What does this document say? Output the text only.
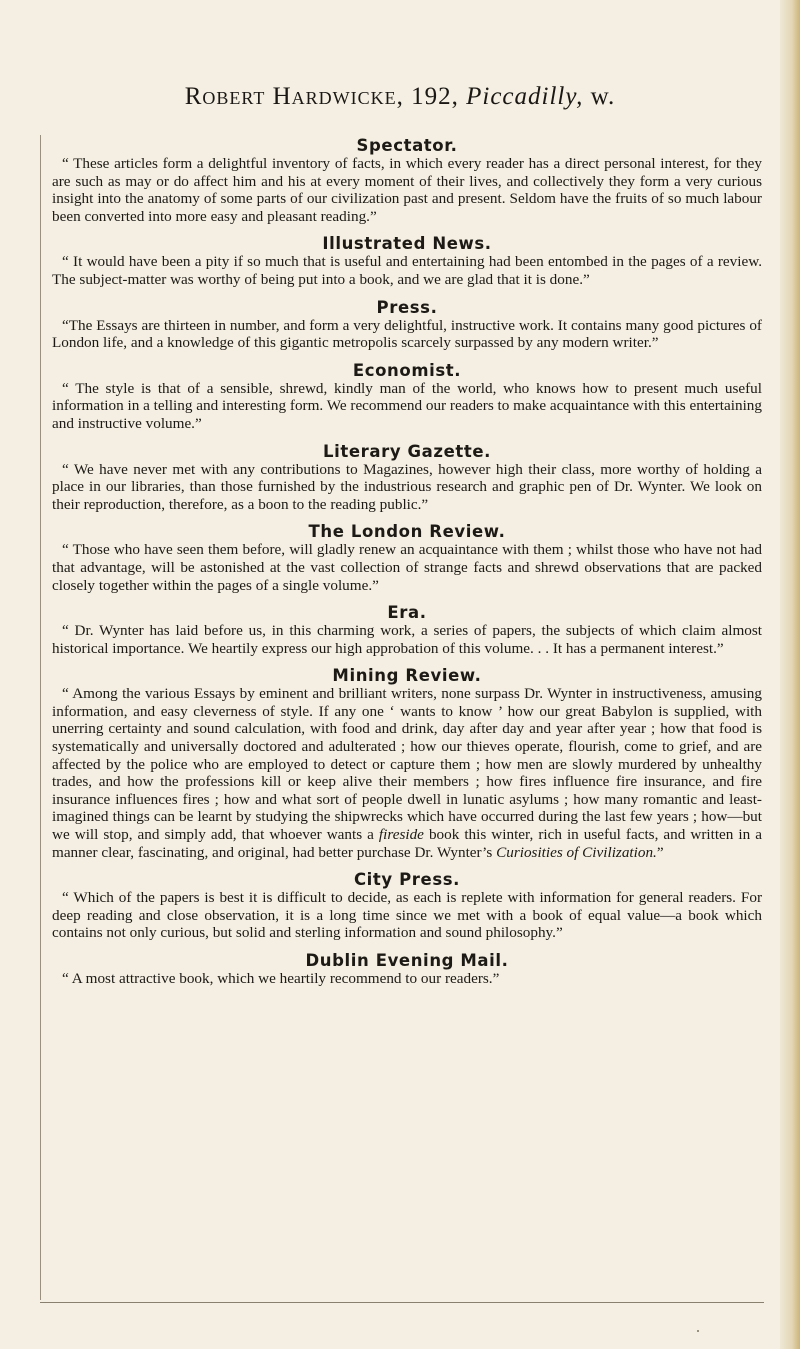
Robert Hardwicke, 192, Piccadilly, w.
Spectator.

“ These articles form a delightful inventory of facts, in which every reader has a direct personal interest, for they are such as may or do affect him and his at every moment of their lives, and collectively they form a very curious insight into the anatomy of some parts of our civilization past and present. Seldom have the fruits of so much labour been converted into more easy and pleasant reading.”

Illustrated News.

“ It would have been a pity if so much that is useful and entertaining had been entombed in the pages of a review. The subject-matter was worthy of being put into a book, and we are glad that it is done.”

Press.

“The Essays are thirteen in number, and form a very delightful, instructive work. It contains many good pictures of London life, and a knowledge of this gigantic metropolis scarcely surpassed by any modern writer.”

Economist.

“ The style is that of a sensible, shrewd, kindly man of the world, who knows how to present much useful information in a telling and interesting form. We recommend our readers to make acquaintance with this entertaining and instructive volume.”

Literary Gazette.

“ We have never met with any contributions to Magazines, however high their class, more worthy of holding a place in our libraries, than those furnished by the industrious research and graphic pen of Dr. Wynter. We look on their reproduction, therefore, as a boon to the reading public.”

The London Review.

“ Those who have seen them before, will gladly renew an acquaintance with them ; whilst those who have not had that advantage, will be astonished at the vast collection of strange facts and shrewd observations that are packed closely together within the pages of a single volume.”

Era.

“ Dr. Wynter has laid before us, in this charming work, a series of papers, the subjects of which claim almost historical importance. We heartily express our high approbation of this volume. . . It has a permanent interest.”

Mining Review.

“ Among the various Essays by eminent and brilliant writers, none surpass Dr. Wynter in instructiveness, amusing information, and easy cleverness of style. If any one ‘ wants to know ’ how our great Babylon is supplied, with unerring certainty and sound calculation, with food and drink, day after day and year after year ; how that food is systematically and universally doctored and adulterated ; how our thieves operate, flourish, come to grief, and are affected by the police who are employed to detect or capture them ; how men are slowly murdered by unhealthy trades, and how the professions kill or keep alive their members ; how fires influence fire insurance, and fire insurance influences fires ; how and what sort of people dwell in lunatic asylums ; how many romantic and least-imagined things can be learnt by studying the shipwrecks which have occurred during the last few years ; how—but we will stop, and simply add, that whoever wants a fireside book this winter, rich in useful facts, and written in a manner clear, fascinating, and original, had better purchase Dr. Wynter’s Curiosities of Civilization.”

City Press.

“ Which of the papers is best it is difficult to decide, as each is replete with information for general readers. For deep reading and close observation, it is a long time since we met with a book of equal value—a book which contains not only curious, but solid and sterling information and sound philosophy.”

Dublin Evening Mail.

“ A most attractive book, which we heartily recommend to our readers.”
